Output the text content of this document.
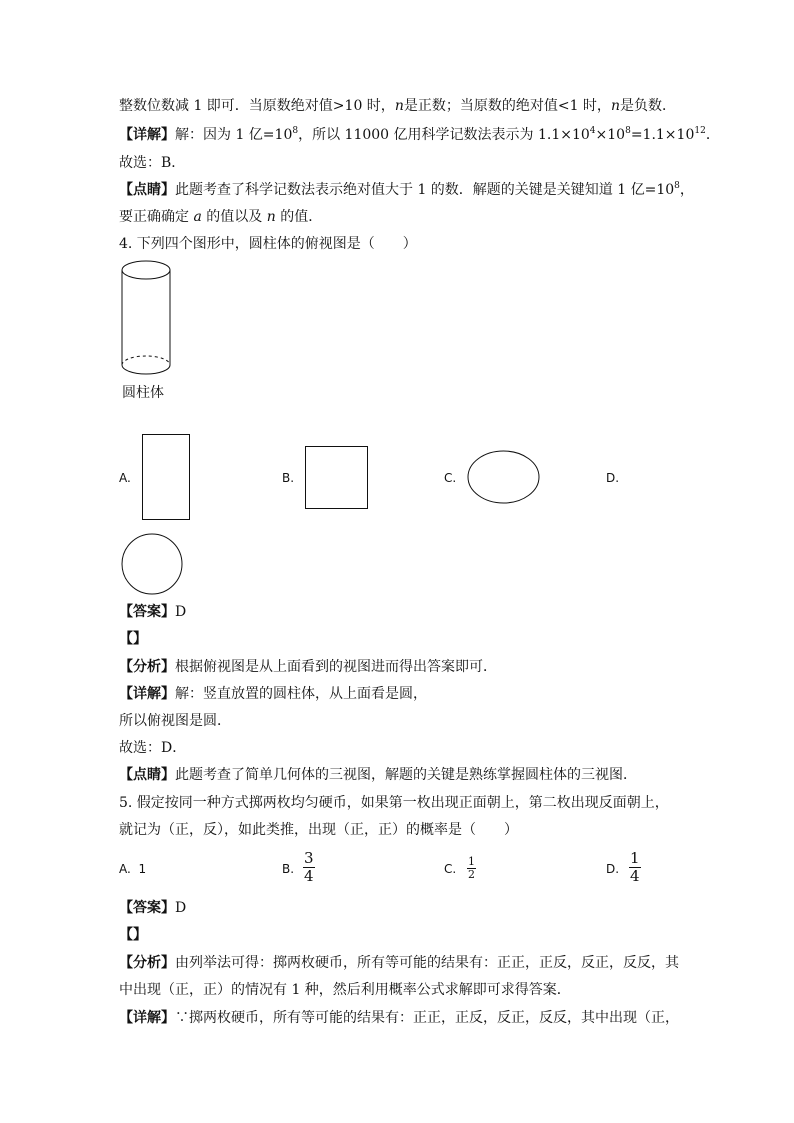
整数位数减 1 即可．当原数绝对值>10 时，n是正数；当原数的绝对值<1 时，n是负数．
【详解】解：因为 1 亿$=10^8$，所以 11000 亿用科学记数法表示为 $1.1\times 10^4\times 10^8=1.1\times 10^{12}$．
故选：B．
【点睛】此题考查了科学记数法表示绝对值大于 1 的数．解题的关键是关键知道 1 亿$=10^8$，
要正确确定 a 的值以及 n 的值．
4. 下列四个图形中，圆柱体的俯视图是（　　）
圆柱体
A.	B.	C.	D.
【答案】D
【】
【分析】根据俯视图是从上面看到的视图进而得出答案即可．
【详解】解：竖直放置的圆柱体，从上面看是圆，
所以俯视图是圆．
故选：D．
【点睛】此题考查了简单几何体的三视图，解题的关键是熟练掌握圆柱体的三视图．
5. 假定按同一种方式掷两枚均匀硬币，如果第一枚出现正面朝上，第二枚出现反面朝上，
就记为（正，反），如此类推，出现（正，正）的概率是（　　）
A. 1	B. $\frac{3}{4}$	C. $\frac{1}{2}$	D. $\frac{1}{4}$
【答案】D
【】
【分析】由列举法可得：掷两枚硬币，所有等可能的结果有：正正，正反，反正，反反，其
中出现（正，正）的情况有 1 种，然后利用概率公式求解即可求得答案．
【详解】∵掷两枚硬币，所有等可能的结果有：正正，正反，反正，反反，其中出现（正，
